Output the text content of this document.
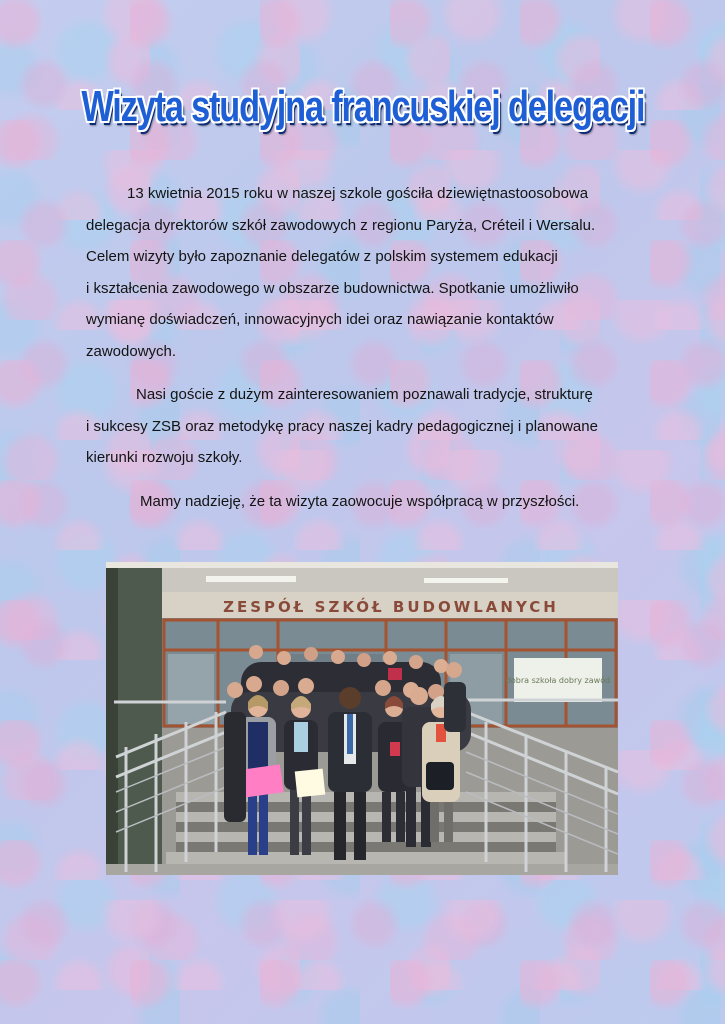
Wizyta studyjna francuskiej delegacji
13 kwietnia 2015 roku w naszej szkole gościła dziewiętnastoosobowa
delegacja dyrektorów szkół zawodowych z regionu Paryża, Créteil i Wersalu.
Celem wizyty było zapoznanie delegatów z polskim systemem edukacji
i kształcenia zawodowego w obszarze budownictwa. Spotkanie umożliwiło
wymianę doświadczeń, innowacyjnych idei oraz nawiązanie kontaktów
zawodowych.
Nasi goście z dużym zainteresowaniem poznawali tradycje, strukturę
i sukcesy ZSB oraz metodykę pracy naszej kadry pedagogicznej i planowane
kierunki rozwoju szkoły.
Mamy nadzieję, że ta wizyta zaowocuje współpracą w przyszłości.
ZESPÓŁ SZKÓŁ BUDOWLANYCH
dobra szkoła dobry zawód
